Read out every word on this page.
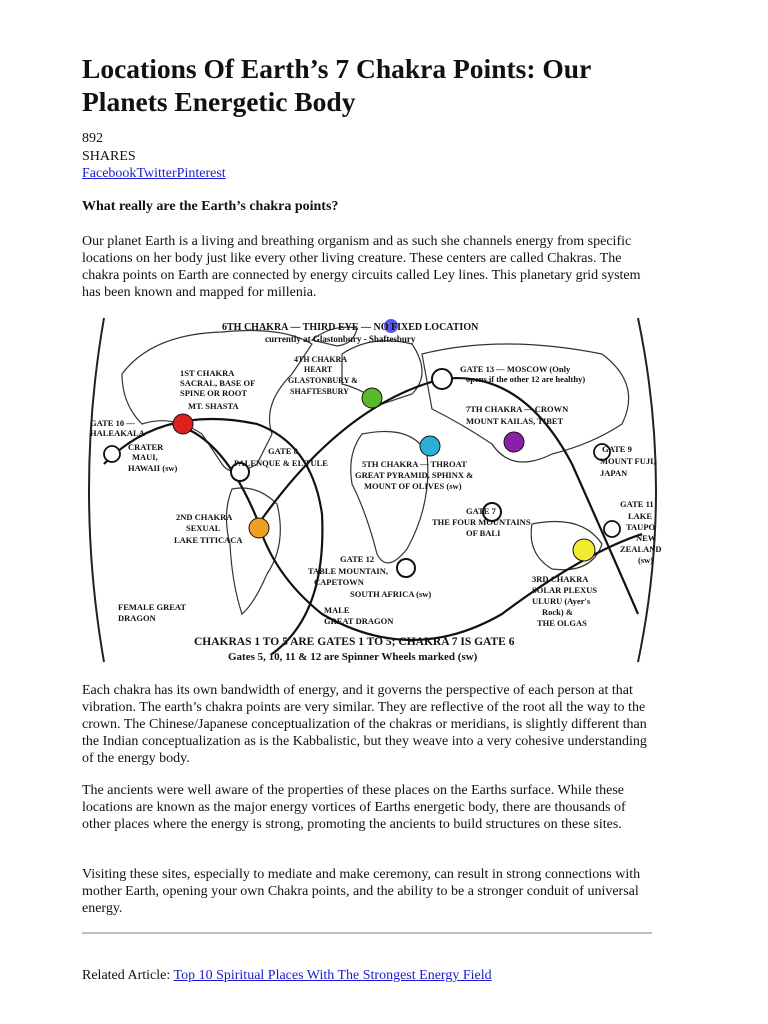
Locations Of Earth’s 7 Chakra Points: Our Planets Energetic Body
892
SHARES
FacebookTwitterPinterest
What really are the Earth’s chakra points?

Our planet Earth is a living and breathing organism and as such she channels energy from specific locations on her body just like every other living creature. These centers are called Chakras. The chakra points on Earth are connected by energy circuits called Ley lines. This planetary grid system has been known and mapped for millenia.

Each chakra has its own bandwidth of energy, and it governs the perspective of each person at that vibration. The earth’s chakra points are very similar. They are reflective of the root all the way to the crown. The Chinese/Japanese conceptualization of the chakras or meridians, is slightly different than the Indian conceptualization as is the Kabbalistic, but they weave into a very cohesive understanding of the energy body.

The ancients were well aware of the properties of these places on the Earths surface. While these locations are known as the major energy vortices of Earths energetic body, there are thousands of other places where the energy is strong, promoting the ancients to build structures on these sites.

Visiting these sites, especially to mediate and make ceremony, can result in strong connections with mother Earth, opening your own Chakra points, and the ability to be a stronger conduit of universal energy.

Related Article: Top 10 Spiritual Places With The Strongest Energy Field
6TH CHAKRA — THIRD EYE — NO FIXED LOCATION
currently at Glastonbury - Shaftesbury
4TH CHAKRA
HEART
GLASTONBURY &
SHAFTESBURY
1ST CHAKRA
SACRAL, BASE OF
SPINE OR ROOT
MT. SHASTA
GATE 13 — MOSCOW (Only
opens if the other 12 are healthy)
7TH CHAKRA — CROWN
MOUNT KAILAS, TIBET
GATE 10 —
HALEAKALA
CRATER
MAUI,
HAWAII (sw)
GATE 8
PALENQUE & EL TULE
GATE 9
MOUNT FUJI,
JAPAN
5TH CHAKRA — THROAT
GREAT PYRAMID, SPHINX &
MOUNT OF OLIVES (sw)
GATE 7
THE FOUR MOUNTAINS
OF BALI
GATE 11
LAKE
TAUPO
NEW
ZEALAND
(sw)
2ND CHAKRA
SEXUAL
LAKE TITICACA
GATE 12
TABLE MOUNTAIN,
CAPETOWN
SOUTH AFRICA (sw)
3RD CHAKRA
SOLAR PLEXUS
ULURU (Ayer's
Rock) &
THE OLGAS
FEMALE GREAT
DRAGON
MALE
GREAT DRAGON
CHAKRAS 1 TO 5 ARE GATES 1 TO 5; CHAKRA 7 IS GATE 6
Gates 5, 10, 11 & 12 are Spinner Wheels marked (sw)
